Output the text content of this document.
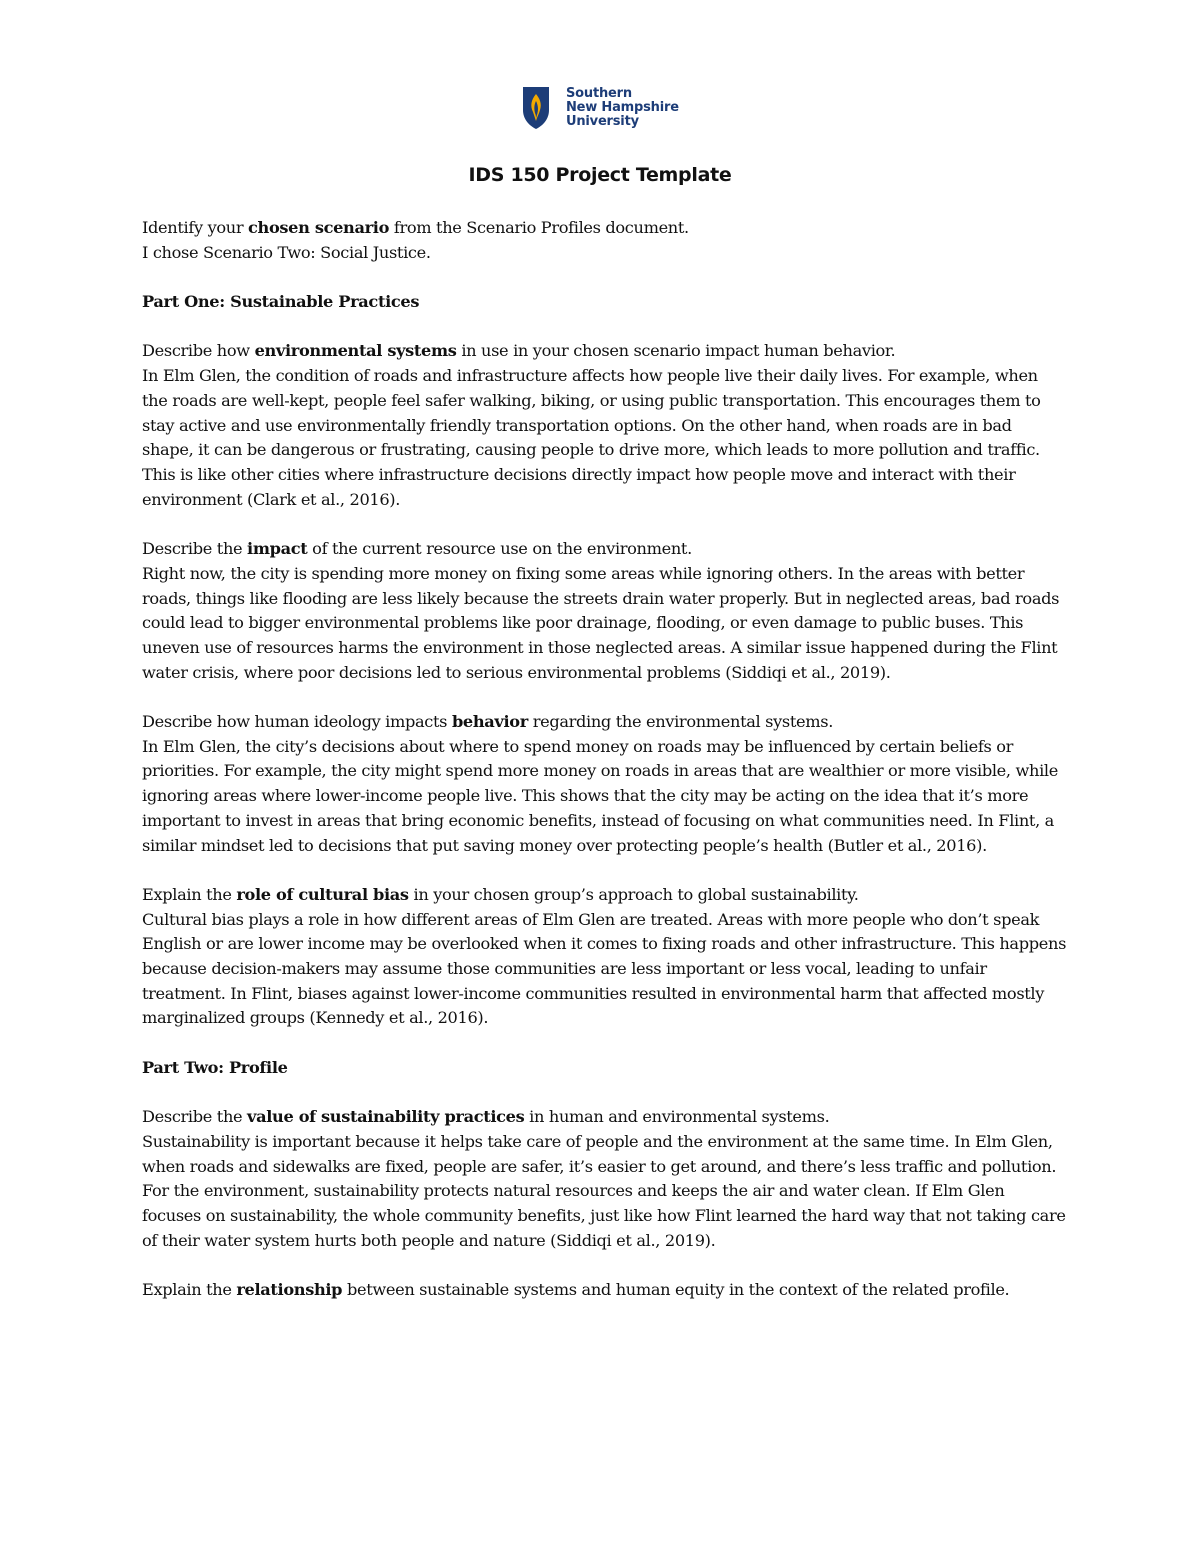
Southern
New Hampshire
University
IDS 150 Project Template

Identify your chosen scenario from the Scenario Profiles document.

I chose Scenario Two: Social Justice.

Part One: Sustainable Practices

Describe how environmental systems in use in your chosen scenario impact human behavior.

In Elm Glen, the condition of roads and infrastructure affects how people live their daily lives. For example, when the roads are well-kept, people feel safer walking, biking, or using public transportation. This encourages them to stay active and use environmentally friendly transportation options. On the other hand, when roads are in bad shape, it can be dangerous or frustrating, causing people to drive more, which leads to more pollution and traffic. This is like other cities where infrastructure decisions directly impact how people move and interact with their environment (Clark et al., 2016).

Describe the impact of the current resource use on the environment.

Right now, the city is spending more money on fixing some areas while ignoring others. In the areas with better roads, things like flooding are less likely because the streets drain water properly. But in neglected areas, bad roads could lead to bigger environmental problems like poor drainage, flooding, or even damage to public buses. This uneven use of resources harms the environment in those neglected areas. A similar issue happened during the Flint water crisis, where poor decisions led to serious environmental problems (Siddiqi et al., 2019).

Describe how human ideology impacts behavior regarding the environmental systems.

In Elm Glen, the city’s decisions about where to spend money on roads may be influenced by certain beliefs or priorities. For example, the city might spend more money on roads in areas that are wealthier or more visible, while ignoring areas where lower-income people live. This shows that the city may be acting on the idea that it’s more important to invest in areas that bring economic benefits, instead of focusing on what communities need. In Flint, a similar mindset led to decisions that put saving money over protecting people’s health (Butler et al., 2016).

Explain the role of cultural bias in your chosen group’s approach to global sustainability.

Cultural bias plays a role in how different areas of Elm Glen are treated. Areas with more people who don’t speak English or are lower income may be overlooked when it comes to fixing roads and other infrastructure. This happens because decision-makers may assume those communities are less important or less vocal, leading to unfair treatment. In Flint, biases against lower-income communities resulted in environmental harm that affected mostly marginalized groups (Kennedy et al., 2016).

Part Two: Profile

Describe the value of sustainability practices in human and environmental systems.

Sustainability is important because it helps take care of people and the environment at the same time. In Elm Glen, when roads and sidewalks are fixed, people are safer, it’s easier to get around, and there’s less traffic and pollution. For the environment, sustainability protects natural resources and keeps the air and water clean. If Elm Glen focuses on sustainability, the whole community benefits, just like how Flint learned the hard way that not taking care of their water system hurts both people and nature (Siddiqi et al., 2019).

Explain the relationship between sustainable systems and human equity in the context of the related profile.
